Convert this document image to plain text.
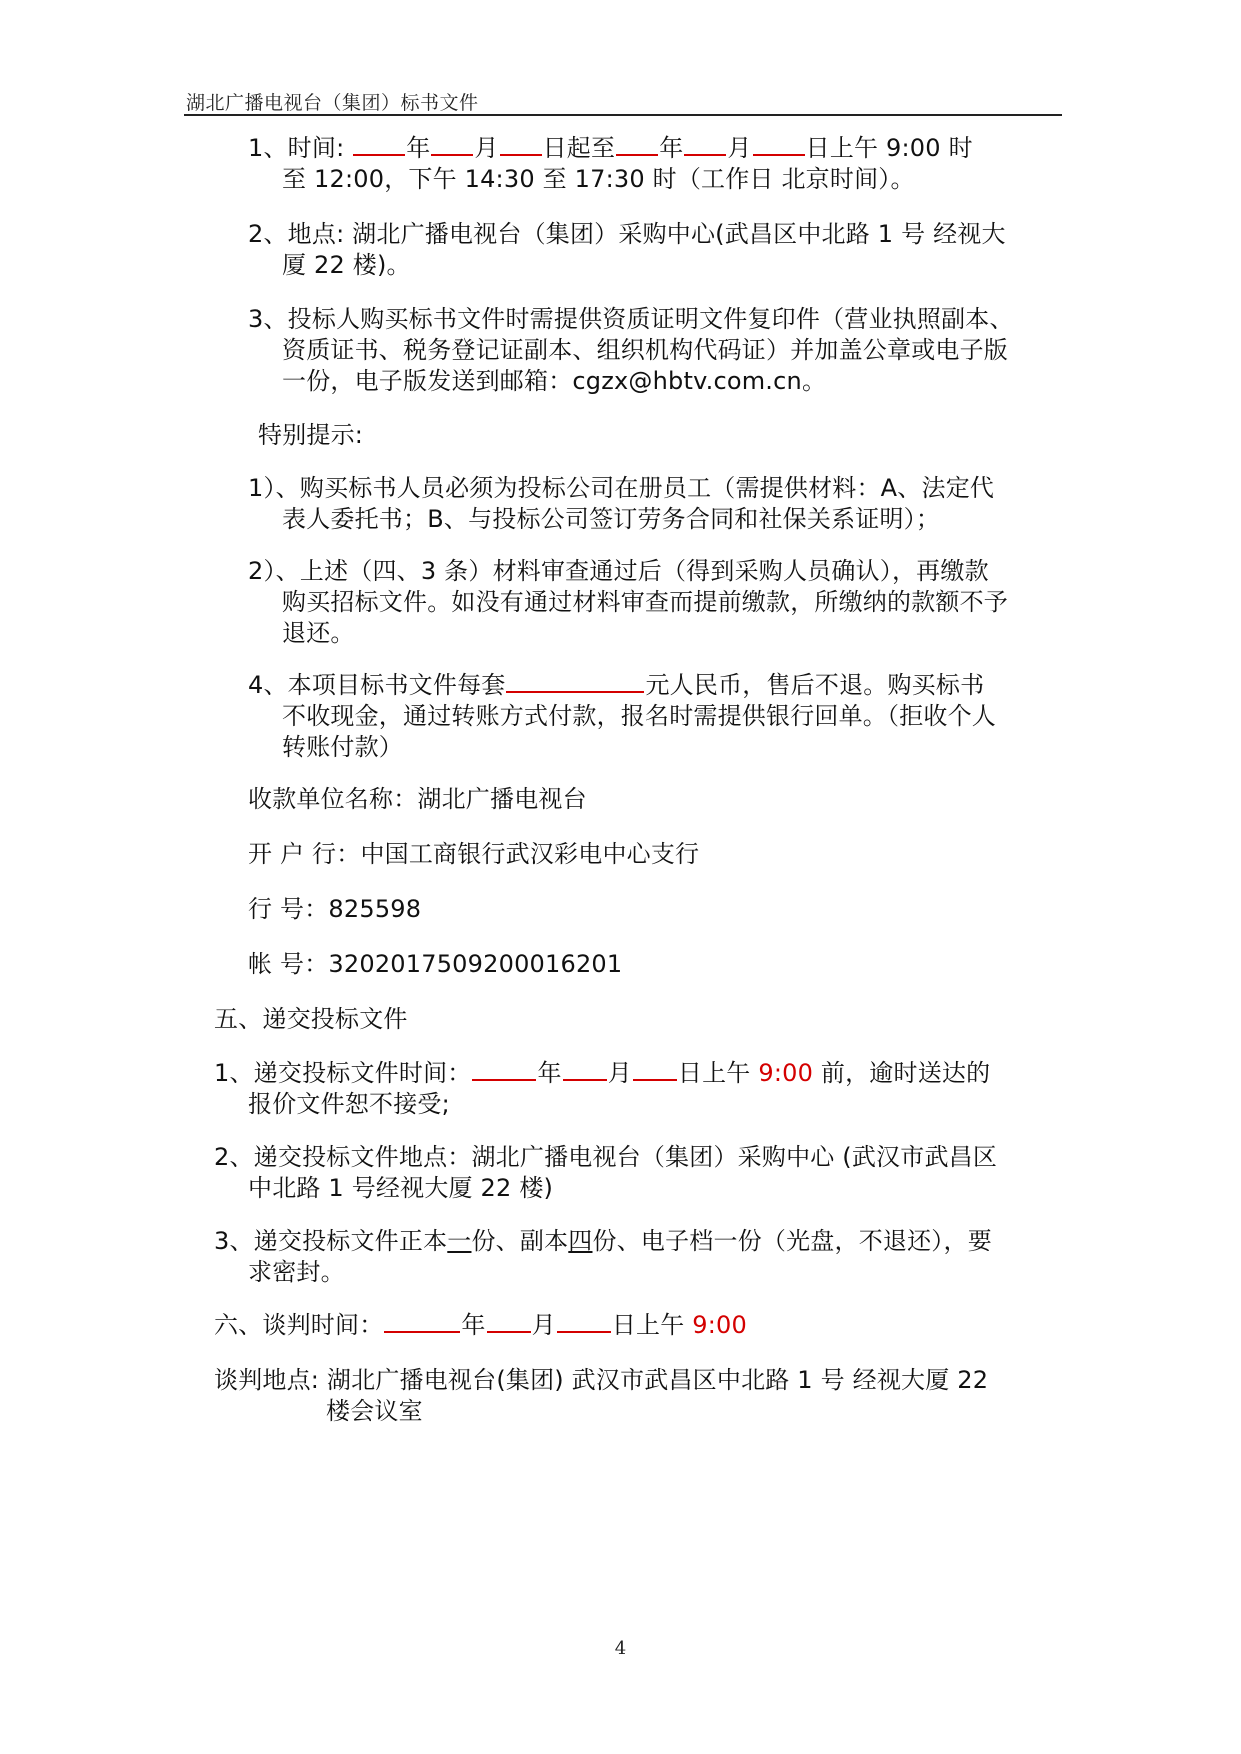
湖北广播电视台（集团）标书文件
1、时间:	年 月 日起至 年 月 日上午 9:00 时
至 12:00，下午 14:30 至 17:30 时（工作日 北京时间）。
2、地点: 湖北广播电视台（集团）采购中心(武昌区中北路 1 号 经视大
厦 22 楼)。
3、投标人购买标书文件时需提供资质证明文件复印件（营业执照副本、
资质证书、税务登记证副本、组织机构代码证）并加盖公章或电子版
一份，电子版发送到邮箱：cgzx@hbtv.com.cn。
特别提示:
1）、购买标书人员必须为投标公司在册员工（需提供材料：A、法定代
表人委托书；B、与投标公司签订劳务合同和社保关系证明）；
2）、上述（四、3 条）材料审查通过后（得到采购人员确认），再缴款
购买招标文件。如没有通过材料审查而提前缴款，所缴纳的款额不予
退还。
4、本项目标书文件每套	元人民币，售后不退。购买标书
不收现金，通过转账方式付款，报名时需提供银行回单。（拒收个人
转账付款）
收款单位名称：湖北广播电视台
开 户 行：中国工商银行武汉彩电中心支行
行 号：825598
帐 号：3202017509200016201
五、递交投标文件
1、递交投标文件时间：	年 月 日上午 9:00 前，逾时送达的
报价文件恕不接受;
2、递交投标文件地点：湖北广播电视台（集团）采购中心 (武汉市武昌区
中北路 1 号经视大厦 22 楼)
3、递交投标文件正本一份、副本四份、电子档一份（光盘，不退还），要
求密封。
六、谈判时间：	年 月 日上午 9:00
谈判地点: 湖北广播电视台(集团) 武汉市武昌区中北路 1 号 经视大厦 22
楼会议室
4
